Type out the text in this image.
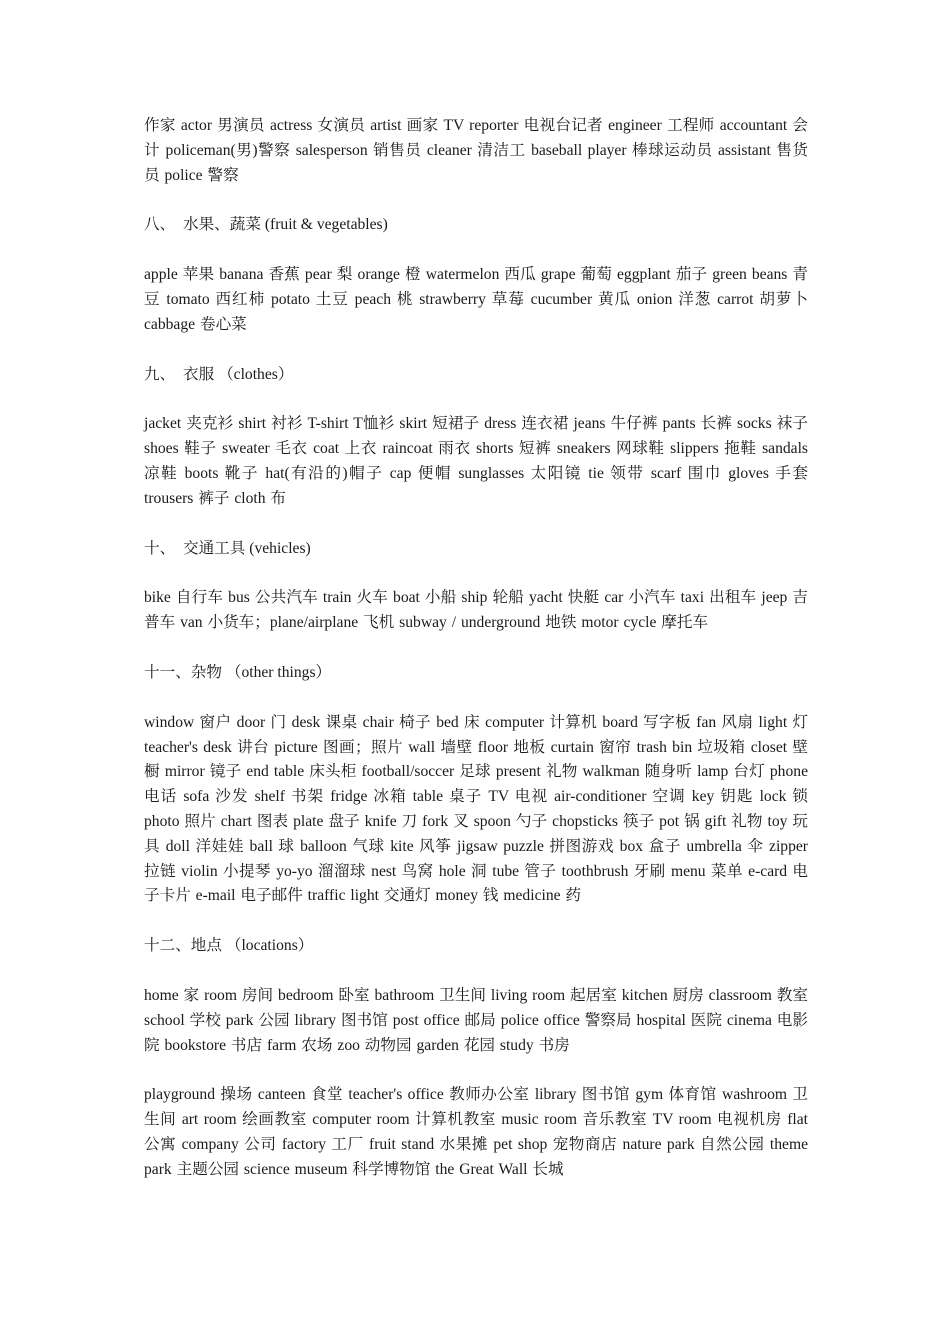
作家 actor 男演员 actress 女演员 artist 画家 TV reporter 电视台记者 engineer 工程师 accountant 会计 policeman(男)警察 salesperson 销售员 cleaner 清洁工 baseball player 棒球运动员 assistant 售货员 police 警察

八、  水果、蔬菜 (fruit & vegetables)

apple 苹果 banana 香蕉 pear 梨 orange 橙 watermelon 西瓜 grape 葡萄 eggplant 茄子 green beans 青豆 tomato 西红柿 potato 土豆 peach 桃 strawberry 草莓 cucumber 黄瓜 onion 洋葱 carrot 胡萝卜 cabbage 卷心菜

九、  衣服 （clothes）

jacket 夹克衫 shirt 衬衫 T-shirt T恤衫 skirt 短裙子 dress 连衣裙 jeans 牛仔裤 pants 长裤 socks 袜子 shoes 鞋子 sweater 毛衣 coat 上衣 raincoat 雨衣 shorts 短裤 sneakers 网球鞋 slippers 拖鞋 sandals 凉鞋 boots 靴子 hat(有沿的)帽子 cap 便帽 sunglasses 太阳镜 tie 领带 scarf 围巾 gloves 手套 trousers 裤子 cloth 布

十、  交通工具 (vehicles)

bike 自行车 bus 公共汽车 train 火车 boat 小船 ship 轮船 yacht 快艇 car 小汽车 taxi 出租车 jeep 吉普车 van 小货车；plane/airplane 飞机 subway / underground 地铁 motor cycle 摩托车

十一、杂物 （other things）

window 窗户 door 门 desk 课桌 chair 椅子 bed 床 computer 计算机 board 写字板 fan 风扇 light 灯 teacher's desk 讲台 picture 图画；照片 wall 墙壁 floor 地板 curtain 窗帘 trash bin 垃圾箱 closet 壁橱 mirror 镜子 end table 床头柜 football/soccer 足球 present 礼物 walkman 随身听 lamp 台灯 phone 电话 sofa 沙发 shelf 书架 fridge 冰箱 table 桌子 TV 电视 air-conditioner 空调 key 钥匙 lock 锁 photo 照片 chart 图表 plate 盘子 knife 刀 fork 叉 spoon 勺子 chopsticks 筷子 pot 锅 gift 礼物 toy 玩具 doll 洋娃娃 ball 球 balloon 气球 kite 风筝 jigsaw puzzle 拼图游戏 box 盒子 umbrella 伞 zipper 拉链 violin 小提琴 yo-yo 溜溜球 nest 鸟窝 hole 洞 tube 管子 toothbrush 牙刷 menu 菜单 e-card 电子卡片 e-mail 电子邮件 traffic light 交通灯 money 钱 medicine 药

十二、地点 （locations）

home 家 room 房间 bedroom 卧室 bathroom 卫生间 living room 起居室 kitchen 厨房 classroom 教室 school 学校 park 公园 library 图书馆 post office 邮局 police office 警察局 hospital 医院 cinema 电影院 bookstore 书店 farm 农场 zoo 动物园 garden 花园 study 书房

playground 操场 canteen 食堂 teacher's office 教师办公室 library 图书馆 gym 体育馆 washroom 卫生间 art room 绘画教室 computer room 计算机教室 music room 音乐教室 TV room 电视机房 flat 公寓 company 公司 factory 工厂 fruit stand 水果摊 pet shop 宠物商店 nature park 自然公园 theme park 主题公园 science museum 科学博物馆 the Great Wall 长城
